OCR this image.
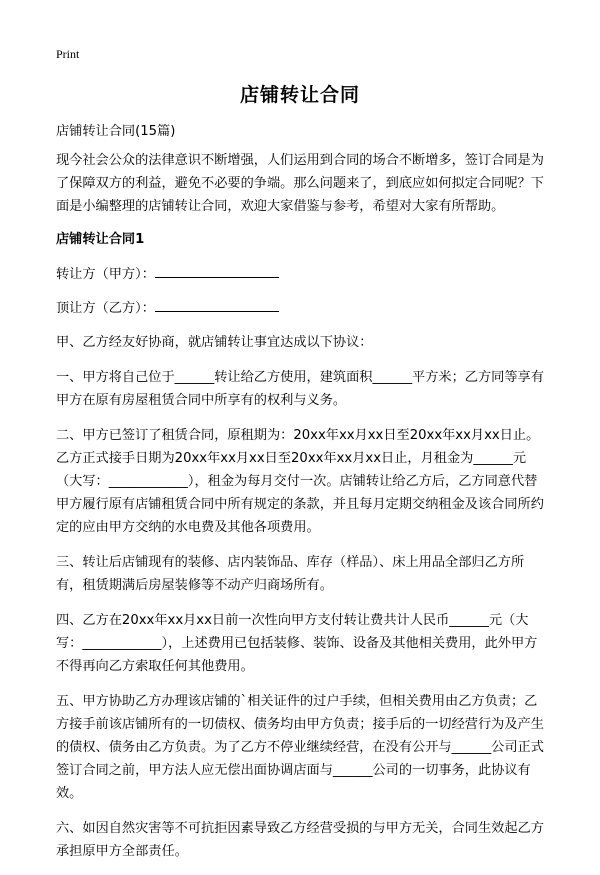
Print
店铺转让合同

店铺转让合同(15篇)

现今社会公众的法律意识不断增强，人们运用到合同的场合不断增多，签订合同是为了保障双方的利益，避免不必要的争端。那么问题来了，到底应如何拟定合同呢？下面是小编整理的店铺转让合同，欢迎大家借鉴与参考，希望对大家有所帮助。

店铺转让合同1

转让方（甲方）：

顶让方（乙方）：

甲、乙方经友好协商，就店铺转让事宜达成以下协议：

一、甲方将自己位于______转让给乙方使用，建筑面积______平方米；乙方同等享有甲方在原有房屋租赁合同中所享有的权利与义务。

二、甲方已签订了租赁合同，原租期为：20xx年xx月xx日至20xx年xx月xx日止。乙方正式接手日期为20xx年xx月xx日至20xx年xx月xx日止，月租金为______元（大写：____________），租金为每月交付一次。店铺转让给乙方后，乙方同意代替甲方履行原有店铺租赁合同中所有规定的条款，并且每月定期交纳租金及该合同所约定的应由甲方交纳的水电费及其他各项费用。

三、转让后店铺现有的装修、店内装饰品、库存（样品）、床上用品全部归乙方所有，租赁期满后房屋装修等不动产归商场所有。

四、乙方在20xx年xx月xx日前一次性向甲方支付转让费共计人民币______元（大写：____________），上述费用已包括装修、装饰、设备及其他相关费用，此外甲方不得再向乙方索取任何其他费用。

五、甲方协助乙方办理该店铺的`相关证件的过户手续，但相关费用由乙方负责；乙方接手前该店铺所有的一切债权、债务均由甲方负责；接手后的一切经营行为及产生的债权、债务由乙方负责。为了乙方不停业继续经营，在没有公开与______公司正式签订合同之前，甲方法人应无偿出面协调店面与______公司的一切事务，此协议有效。

六、如因自然灾害等不可抗拒因素导致乙方经营受损的与甲方无关，合同生效起乙方承担原甲方全部责任。
